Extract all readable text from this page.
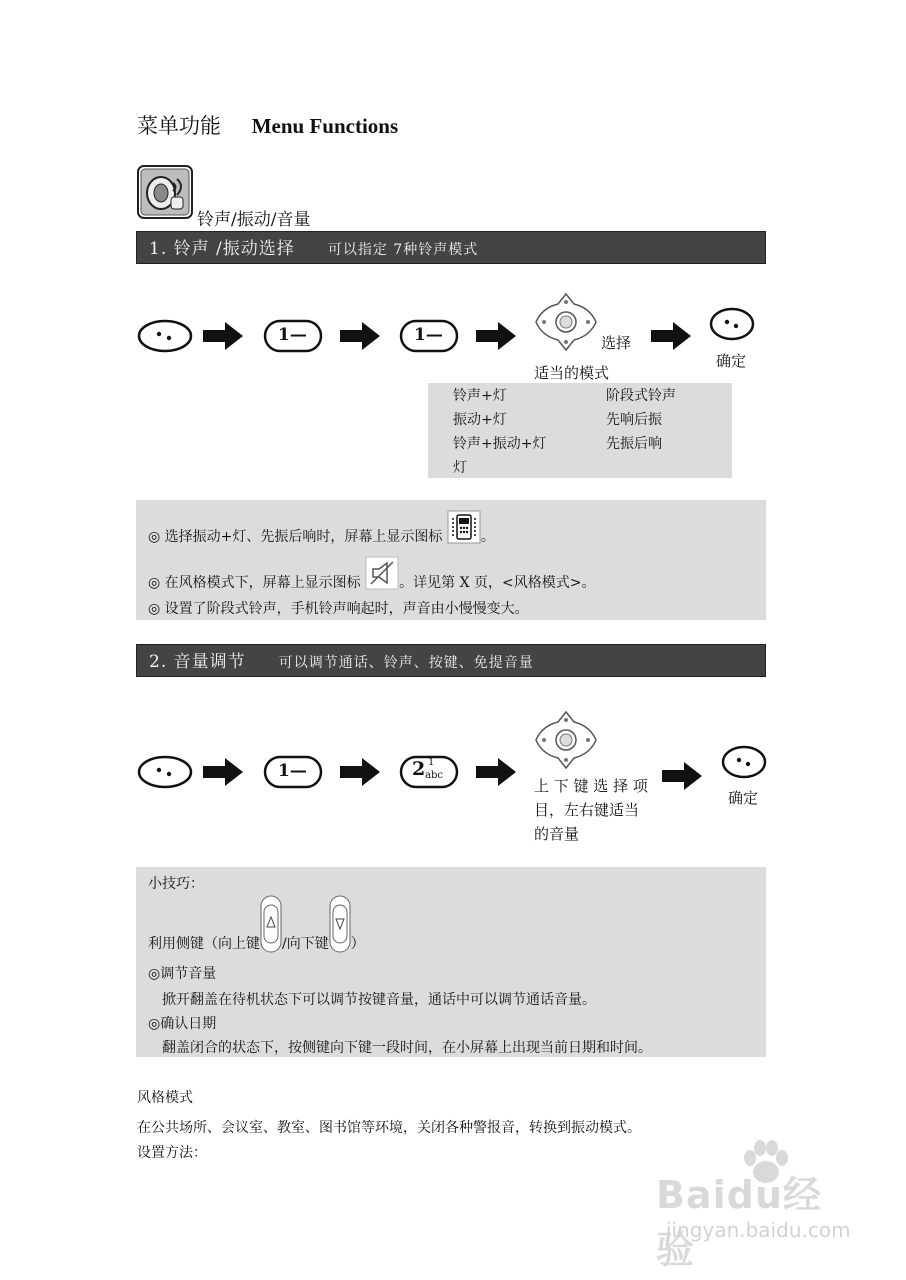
菜单功能 Menu Functions
铃声/振动/音量
1. 铃声 /振动选择 可以指定 7种铃声模式
1—	1—	选择
适当的模式
确定
铃声+灯	阶段式铃声
振动+灯	先响后振
铃声+振动+灯	先振后响
灯
◎ 选择振动+灯、先振后响时，屏幕上显示图标	。
◎ 在风格模式下，屏幕上显示图标	。详见第 X 页，<风格模式>。
◎ 设置了阶段式铃声，手机铃声响起时，声音由小慢慢变大。
2. 音量调节 可以调节通话、铃声、按键、免提音量
1—	2 1
abc
上 下 键 选 择 项
目，左右键适当
的音量
确定
小技巧：
利用侧键（向上键 /向下键 ）
◎调节音量
掀开翻盖在待机状态下可以调节按键音量，通话中可以调节通话音量。
◎确认日期
翻盖闭合的状态下，按侧键向下键一段时间，在小屏幕上出现当前日期和时间。
风格模式
在公共场所、会议室、教室、图书馆等环境，关闭各种警报音，转换到振动模式。
设置方法：
Baidu经验
jingyan.baidu.com
